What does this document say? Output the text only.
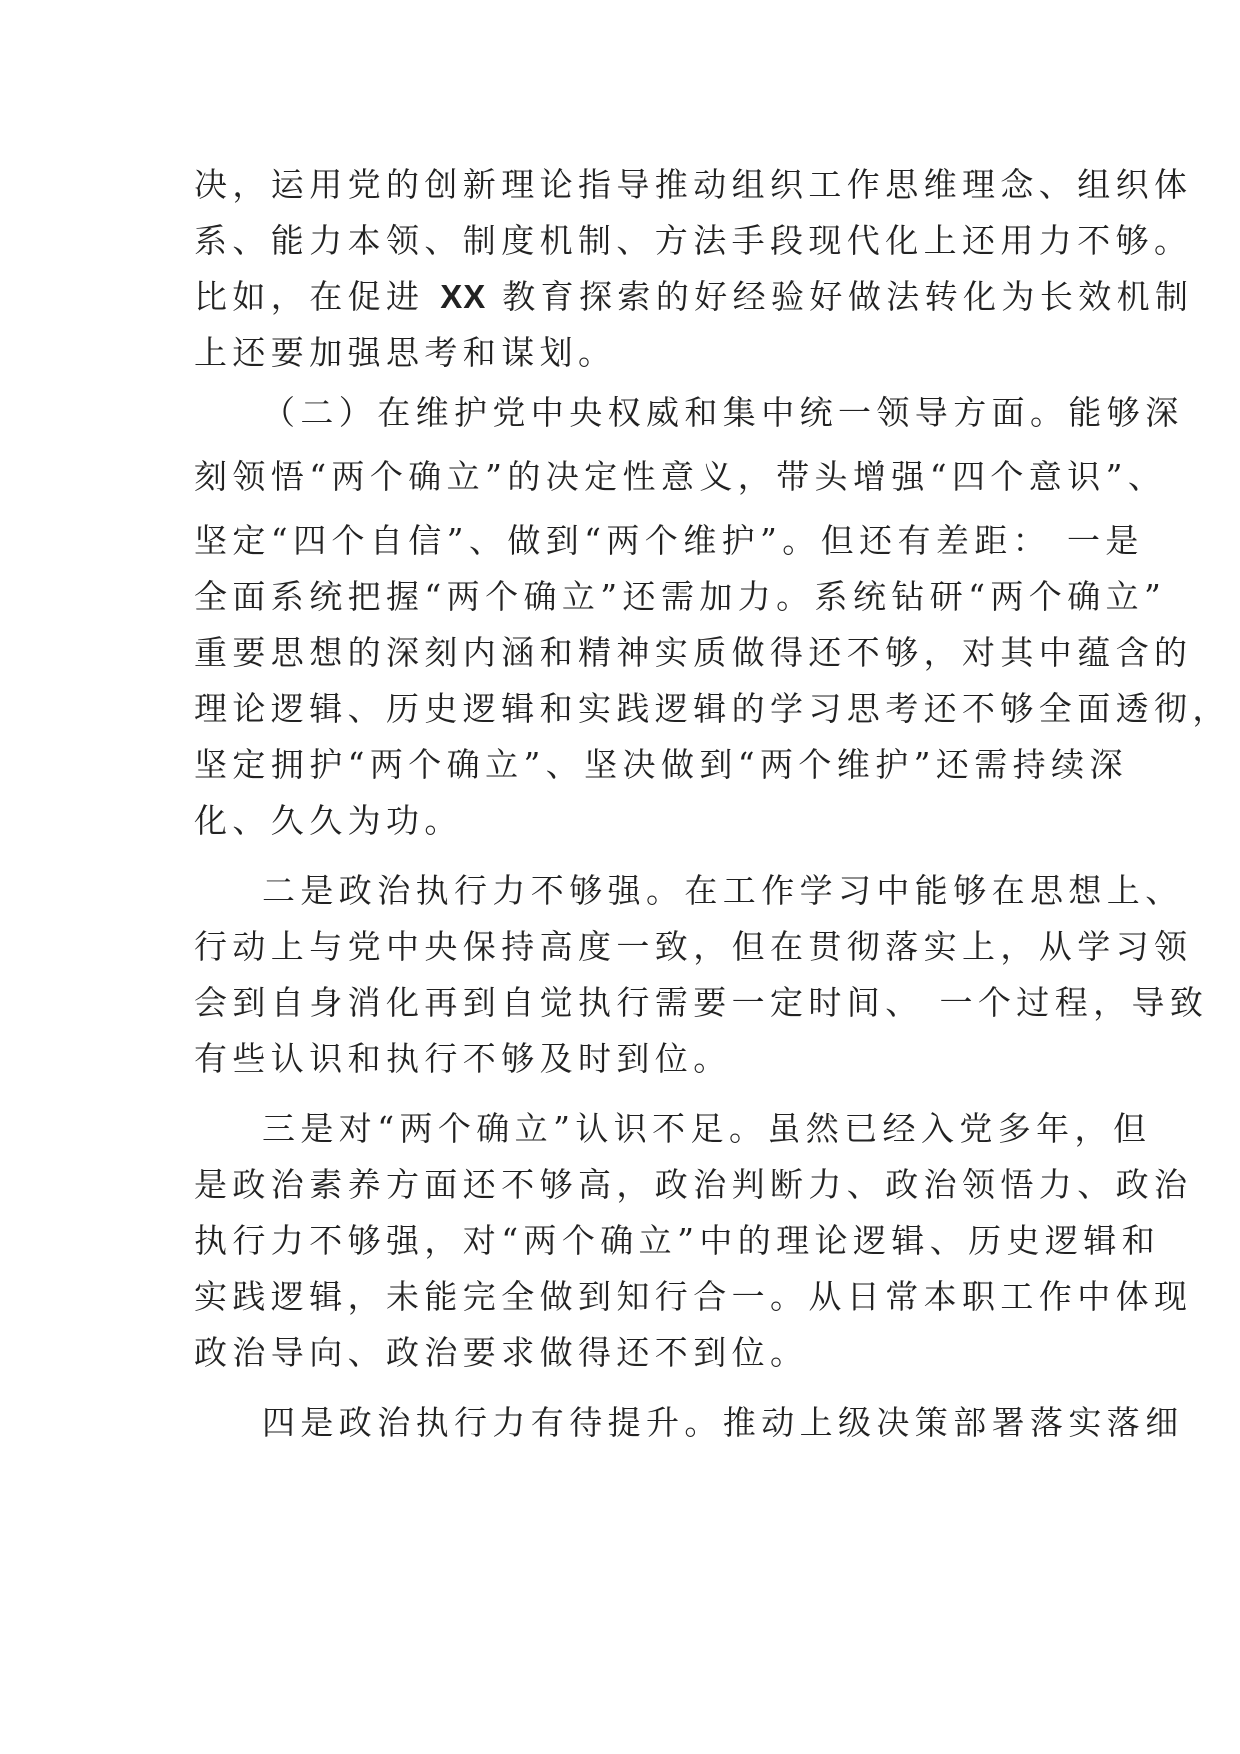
决，运用党的创新理论指导推动组织工作思维理念、组织体
系、能力本领、制度机制、方法手段现代化上还用力不够。
比如，在促进 XX 教育探索的好经验好做法转化为长效机制
上还要加强思考和谋划。
（二）在维护党中央权威和集中统一领导方面。能够深
刻领悟“两个确立”的决定性意义，带头增强“四个意识”、
坚定“四个自信”、做到“两个维护”。但还有差距： 一是
全面系统把握“两个确立”还需加力。系统钻研“两个确立”
重要思想的深刻内涵和精神实质做得还不够，对其中蕴含的
理论逻辑、历史逻辑和实践逻辑的学习思考还不够全面透彻，
坚定拥护“两个确立”、坚决做到“两个维护”还需持续深
化、久久为功。
二是政治执行力不够强。在工作学习中能够在思想上、
行动上与党中央保持高度一致，但在贯彻落实上，从学习领
会到自身消化再到自觉执行需要一定时间、 一个过程，导致
有些认识和执行不够及时到位。
三是对“两个确立”认识不足。虽然已经入党多年，但
是政治素养方面还不够高，政治判断力、政治领悟力、政治
执行力不够强，对“两个确立”中的理论逻辑、历史逻辑和
实践逻辑，未能完全做到知行合一。从日常本职工作中体现
政治导向、政治要求做得还不到位。
四是政治执行力有待提升。推动上级决策部署落实落细
